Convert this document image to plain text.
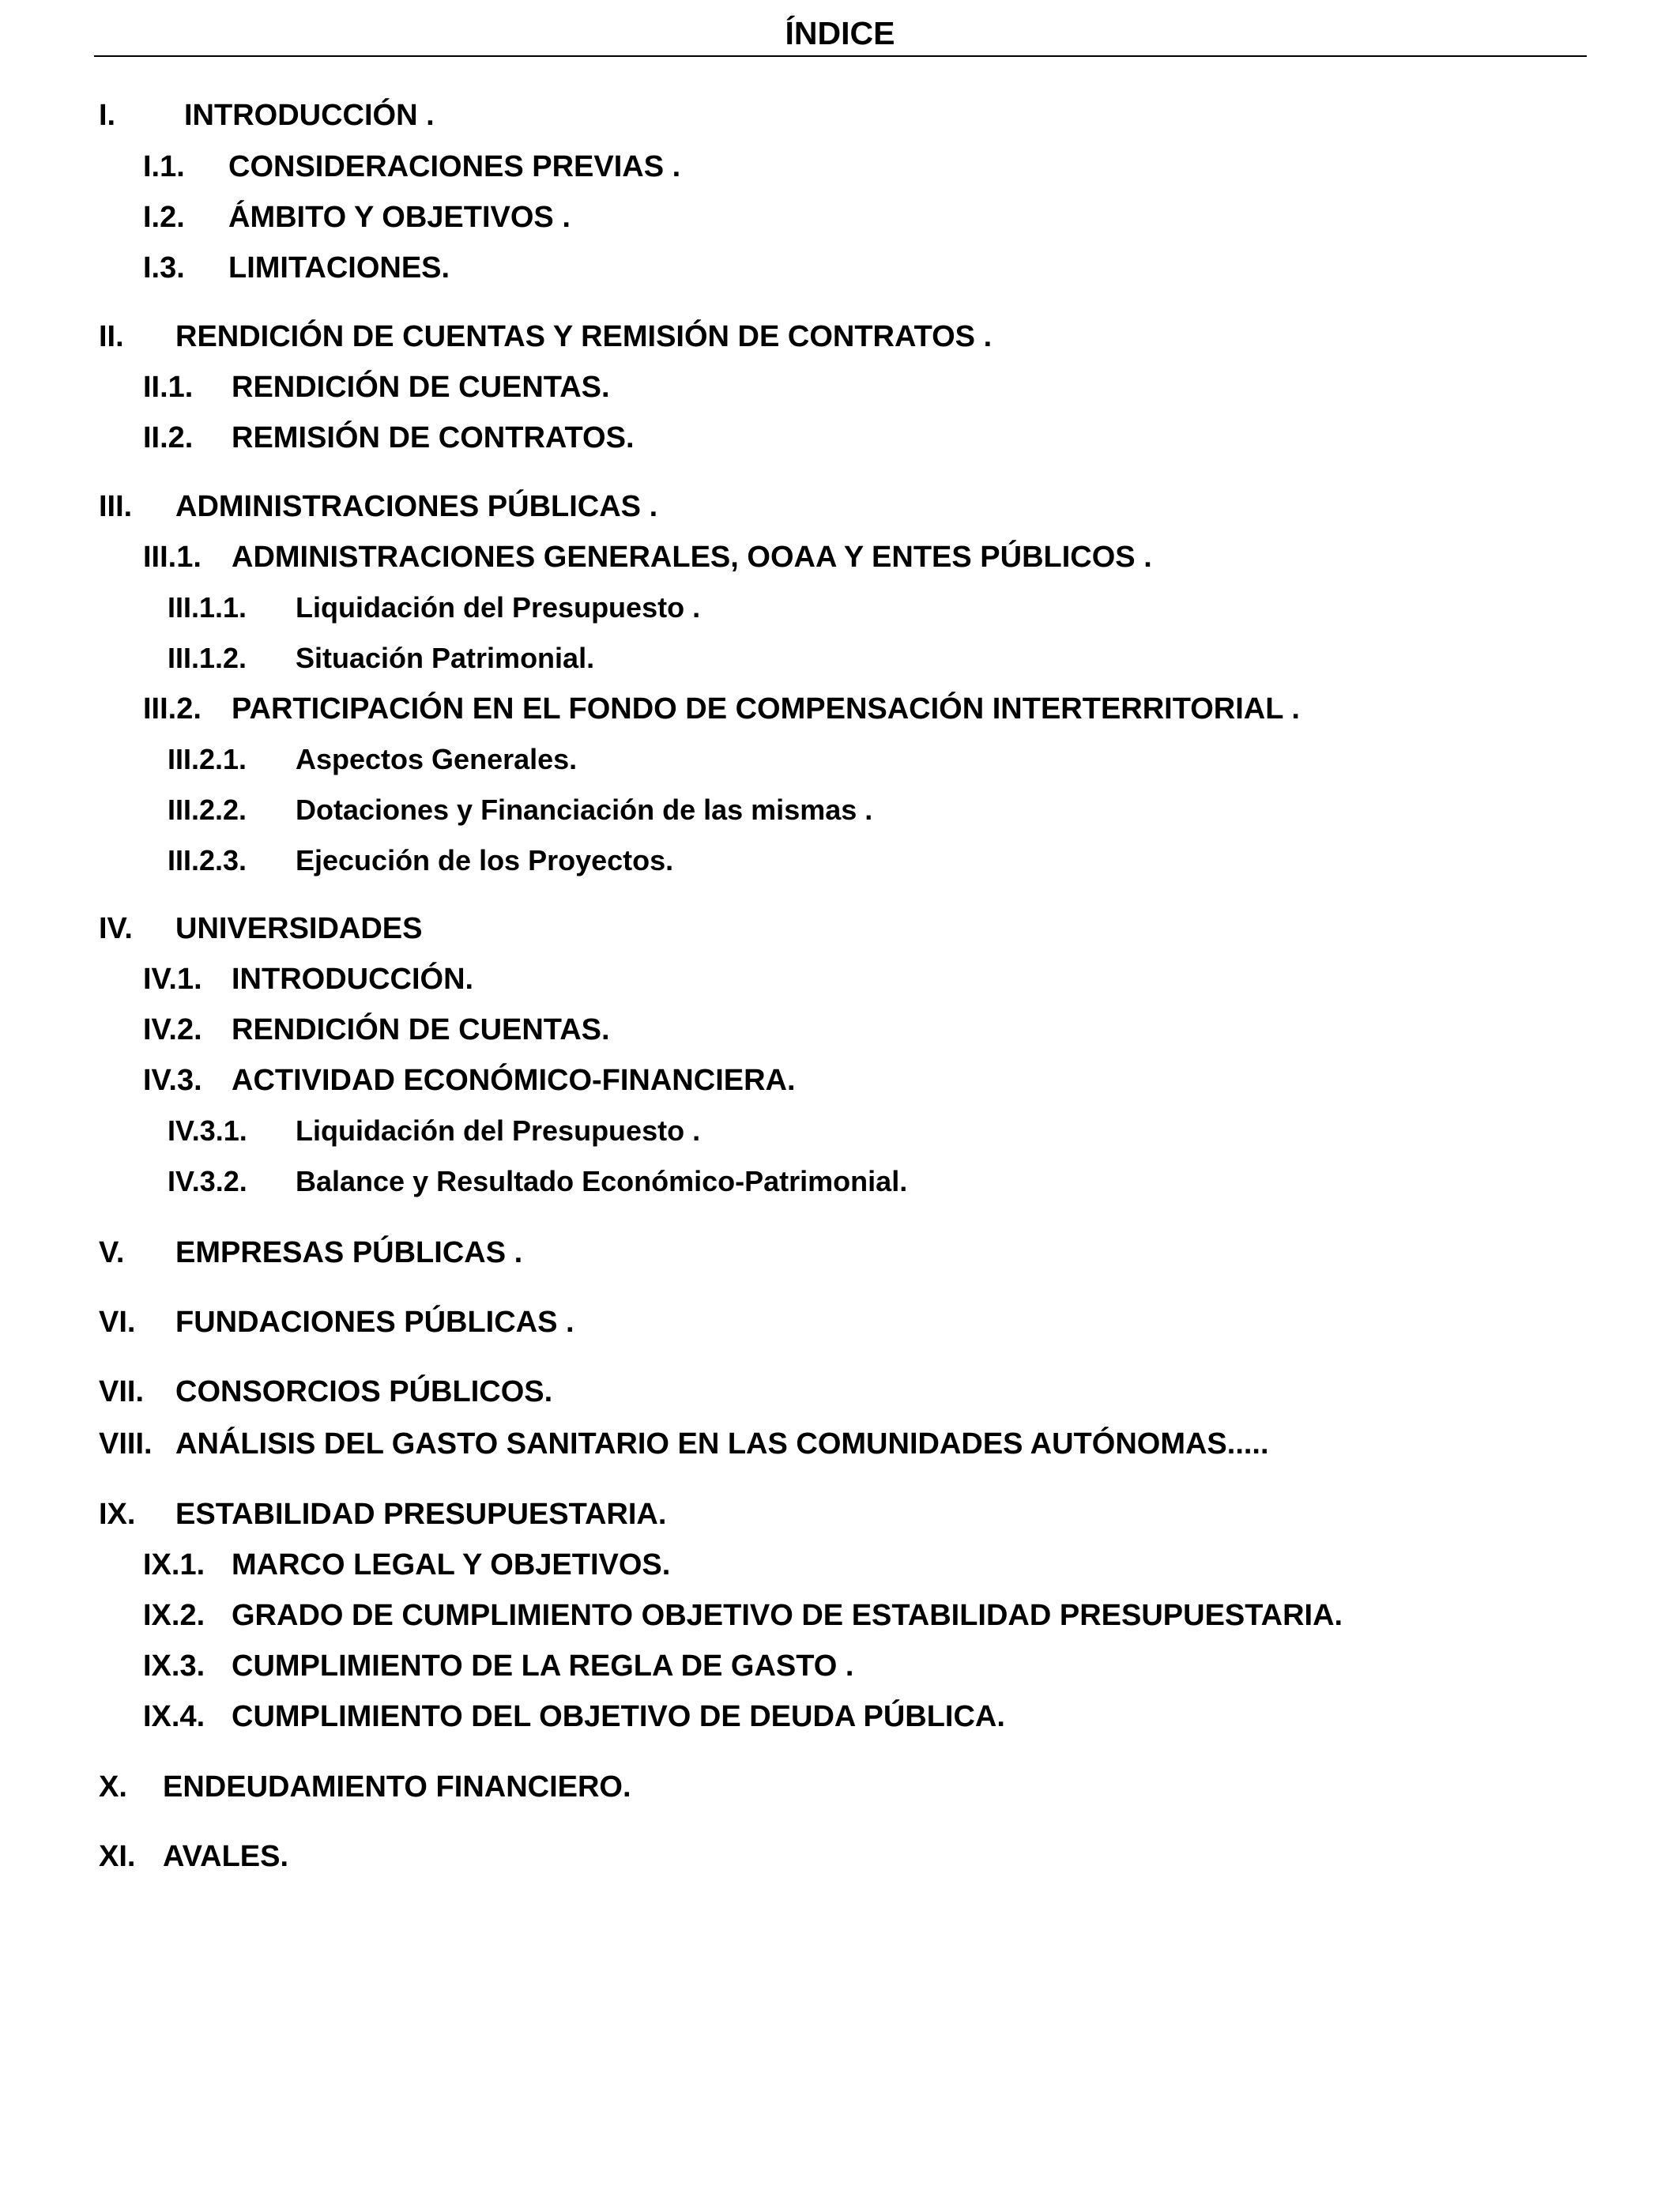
ÍNDICE
I. INTRODUCCIÓN .
I.1. CONSIDERACIONES PREVIAS .
I.2. ÁMBITO Y OBJETIVOS .
I.3. LIMITACIONES.
II. RENDICIÓN DE CUENTAS Y REMISIÓN DE CONTRATOS .
II.1. RENDICIÓN DE CUENTAS.
II.2. REMISIÓN DE CONTRATOS.
III. ADMINISTRACIONES PÚBLICAS .
III.1. ADMINISTRACIONES GENERALES, OOAA Y ENTES PÚBLICOS .
III.1.1. Liquidación del Presupuesto .
III.1.2. Situación Patrimonial.
III.2. PARTICIPACIÓN EN EL FONDO DE COMPENSACIÓN INTERTERRITORIAL .
III.2.1. Aspectos Generales.
III.2.2. Dotaciones y Financiación de las mismas .
III.2.3. Ejecución de los Proyectos.
IV. UNIVERSIDADES
IV.1. INTRODUCCIÓN.
IV.2. RENDICIÓN DE CUENTAS.
IV.3. ACTIVIDAD ECONÓMICO-FINANCIERA.
IV.3.1. Liquidación del Presupuesto .
IV.3.2. Balance y Resultado Económico-Patrimonial.
V. EMPRESAS PÚBLICAS .
VI. FUNDACIONES PÚBLICAS .
VII. CONSORCIOS PÚBLICOS.
VIII. ANÁLISIS DEL GASTO SANITARIO EN LAS COMUNIDADES AUTÓNOMAS.....
IX. ESTABILIDAD PRESUPUESTARIA.
IX.1. MARCO LEGAL Y OBJETIVOS.
IX.2. GRADO DE CUMPLIMIENTO OBJETIVO DE ESTABILIDAD PRESUPUESTARIA.
IX.3. CUMPLIMIENTO DE LA REGLA DE GASTO .
IX.4. CUMPLIMIENTO DEL OBJETIVO DE DEUDA PÚBLICA.
X. ENDEUDAMIENTO FINANCIERO.
XI. AVALES.
